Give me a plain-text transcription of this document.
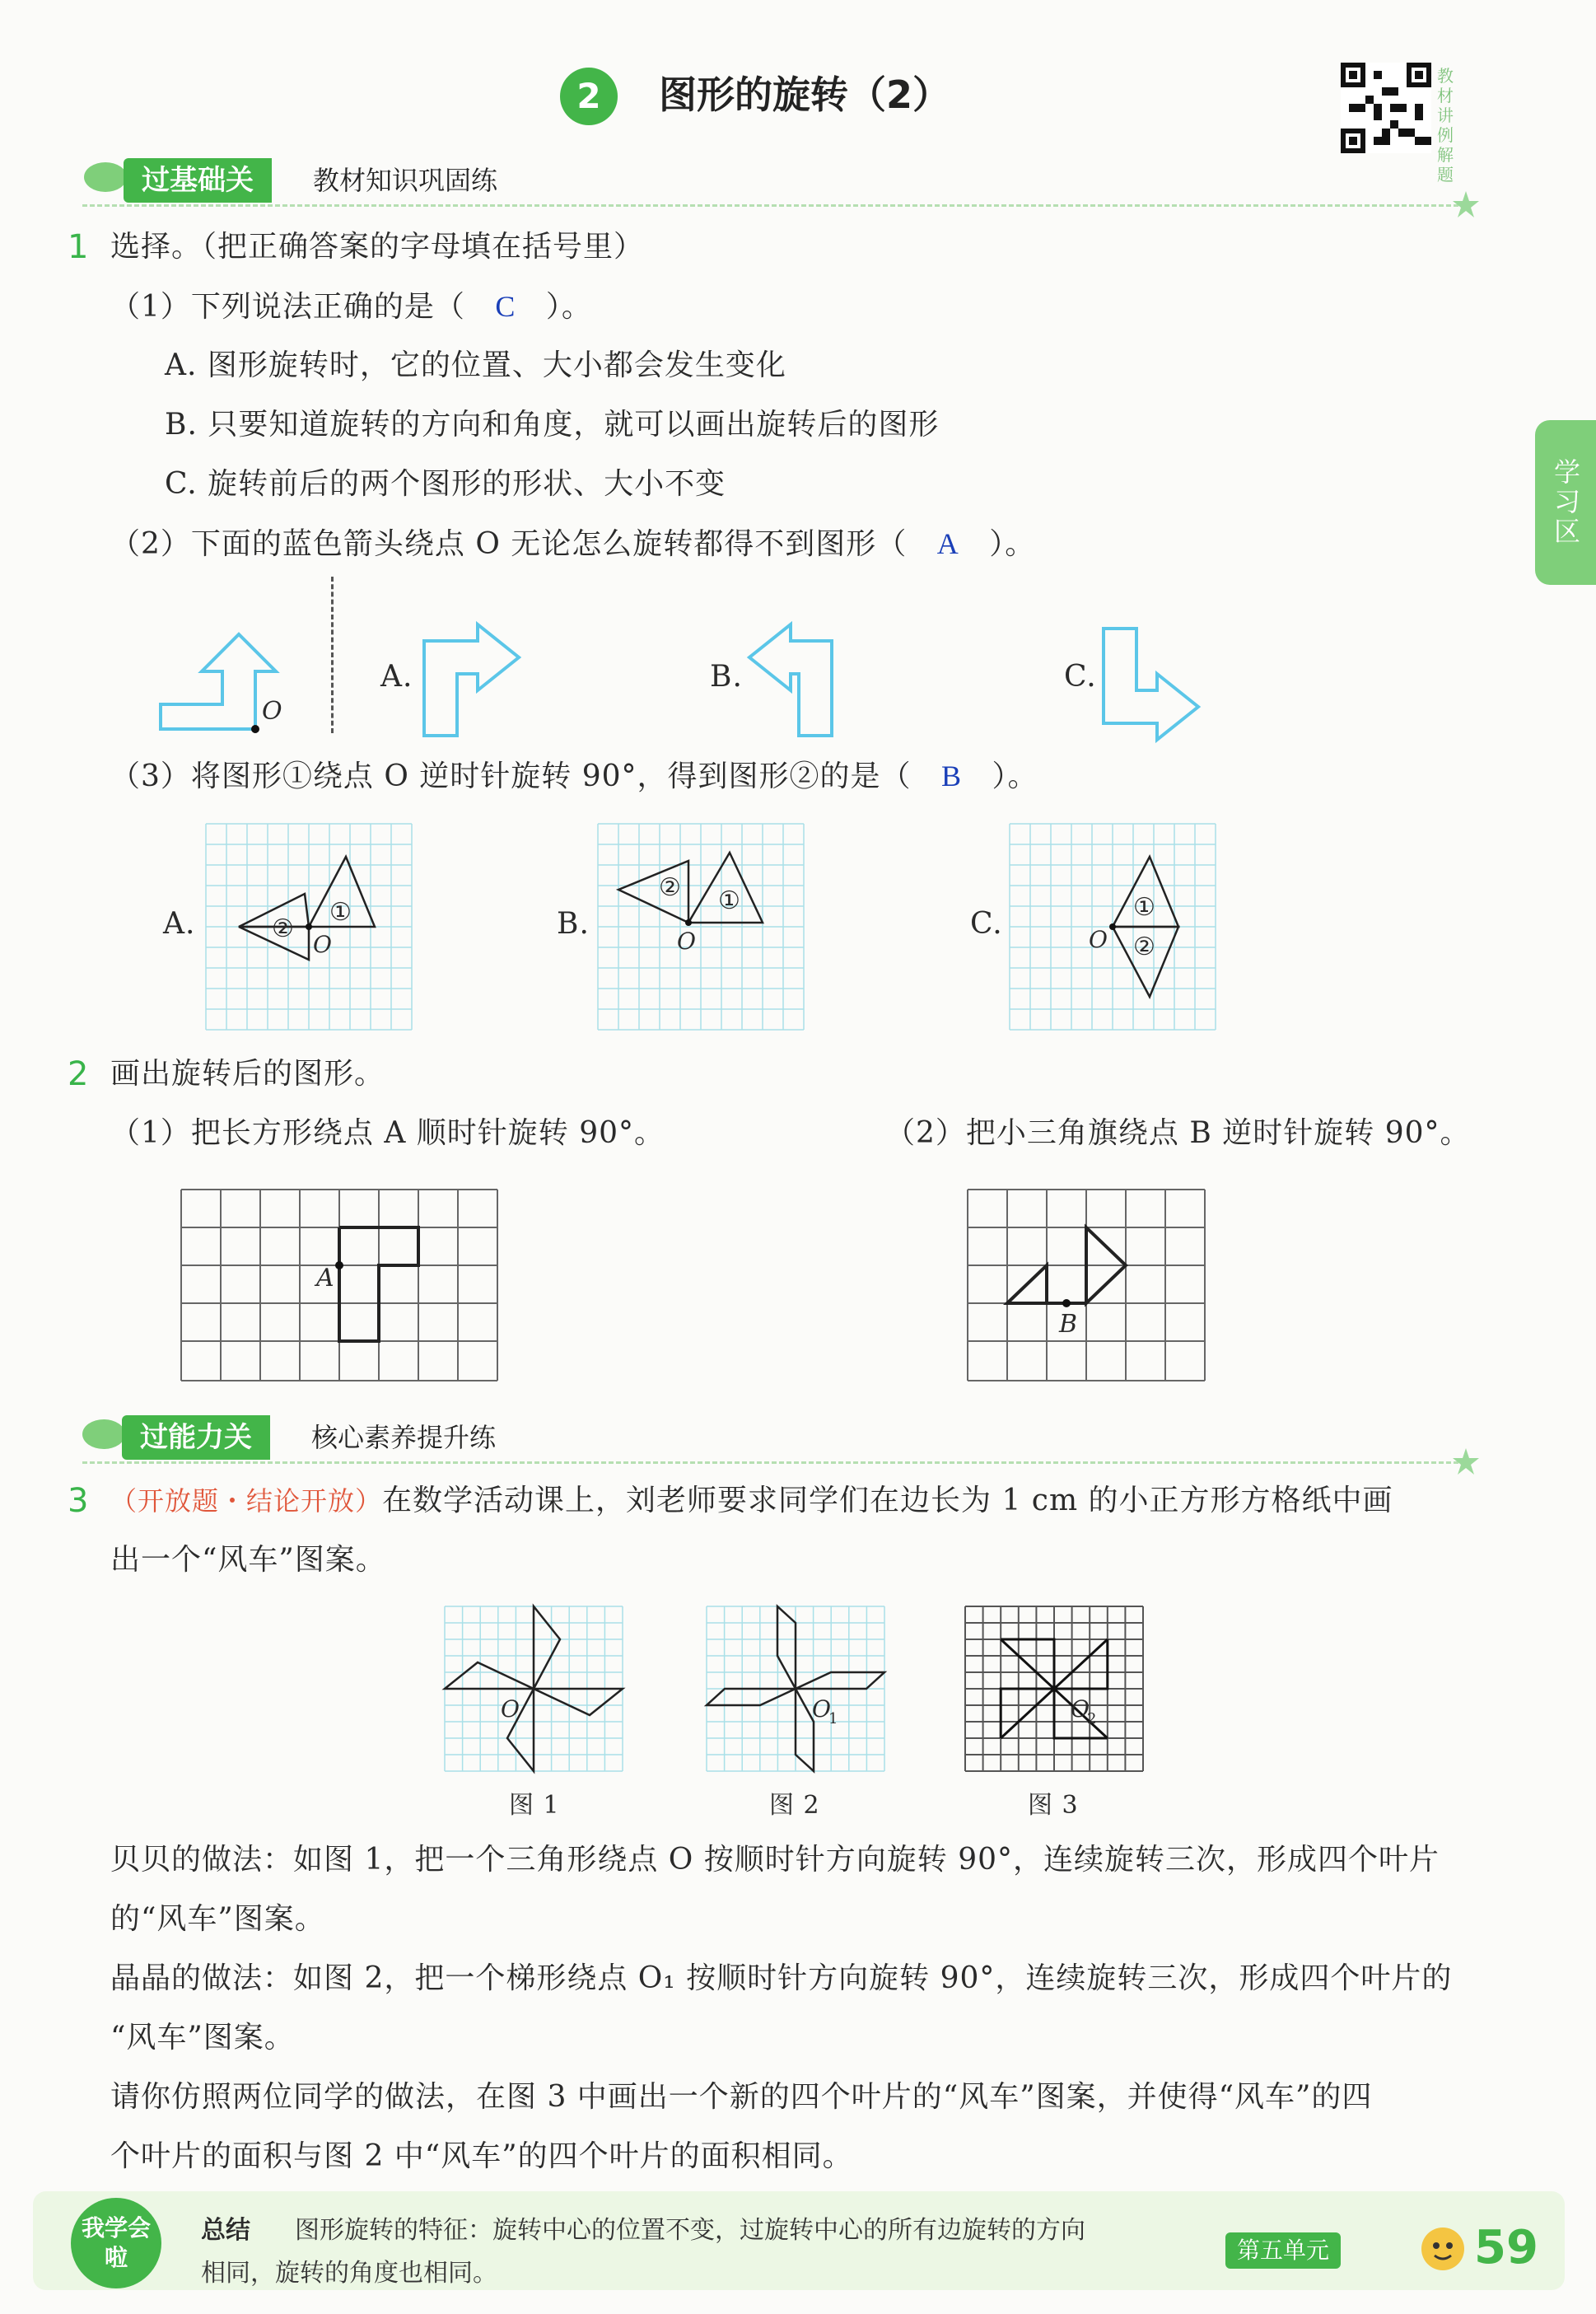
2	图形的旋转（2）	教材讲例解题
学习区
过基础关	教材知识巩固练
1 选择。（把正确答案的字母填在括号里）
（1）下列说法正确的是（ C ）。
A. 图形旋转时，它的位置、大小都会发生变化
B. 只要知道旋转的方向和角度，就可以画出旋转后的图形
C. 旋转前后的两个图形的形状、大小不变
（2）下面的蓝色箭头绕点 O 无论怎么旋转都得不到图形（ A ）。
O
A.	B.	C.
（3）将图形①绕点 O 逆时针旋转 90°，得到图形②的是（ B ）。
A.	①
②
O
B.
①
②
O
C.	①
②
O
2 画出旋转后的图形。
（1）把长方形绕点 A 顺时针旋转 90°。	（2）把小三角旗绕点 B 逆时针旋转 90°。
A
B
过能力关	核心素养提升练
3 （开放题・结论开放）在数学活动课上，刘老师要求同学们在边长为 1 cm 的小正方形方格纸中画
出一个“风车”图案。
O
图 1
O
1
图 2
O
2
图 3
贝贝的做法：如图 1，把一个三角形绕点 O 按顺时针方向旋转 90°，连续旋转三次，形成四个叶片
的“风车”图案。
晶晶的做法：如图 2，把一个梯形绕点 O₁ 按顺时针方向旋转 90°，连续旋转三次，形成四个叶片的
“风车”图案。
请你仿照两位同学的做法，在图 3 中画出一个新的四个叶片的“风车”图案，并使得“风车”的四
个叶片的面积与图 2 中“风车”的四个叶片的面积相同。
我学会啦
总结 图形旋转的特征：旋转中心的位置不变，过旋转中心的所有边旋转的方向
相同，旋转的角度也相同。
第五单元	59
